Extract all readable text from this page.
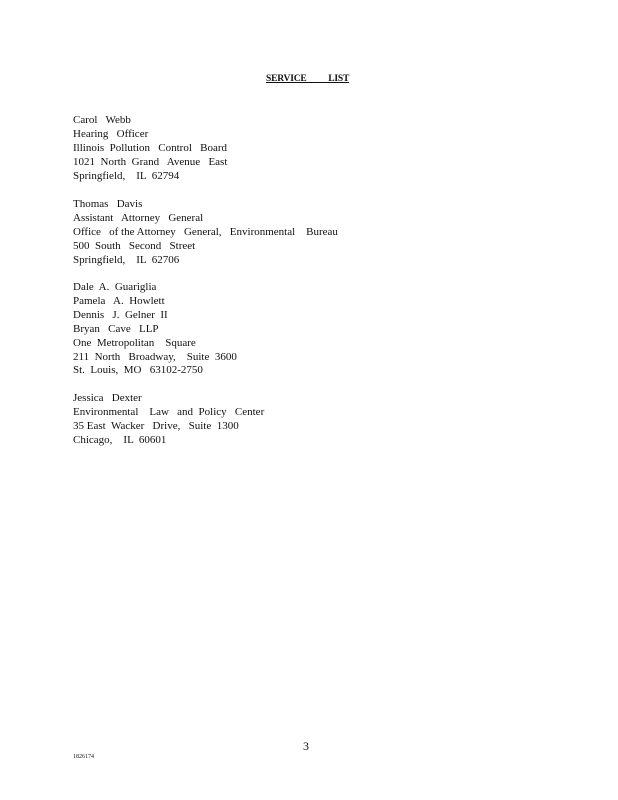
SERVICE          LIST
Carol   Webb
Hearing   Officer
Illinois  Pollution   Control   Board
1021  North  Grand   Avenue   East
Springfield,    IL  62794
Thomas   Davis
Assistant   Attorney   General
Office   of the Attorney   General,   Environmental    Bureau
500  South   Second   Street
Springfield,    IL  62706
Dale  A.  Guariglia
Pamela   A.  Howlett
Dennis   J.  Gelner  II
Bryan   Cave   LLP
One  Metropolitan    Square
211  North   Broadway,    Suite  3600
St.  Louis,  MO   63102-2750
Jessica   Dexter
Environmental    Law   and  Policy   Center
35 East  Wacker   Drive,   Suite  1300
Chicago,    IL  60601
3
1826174
